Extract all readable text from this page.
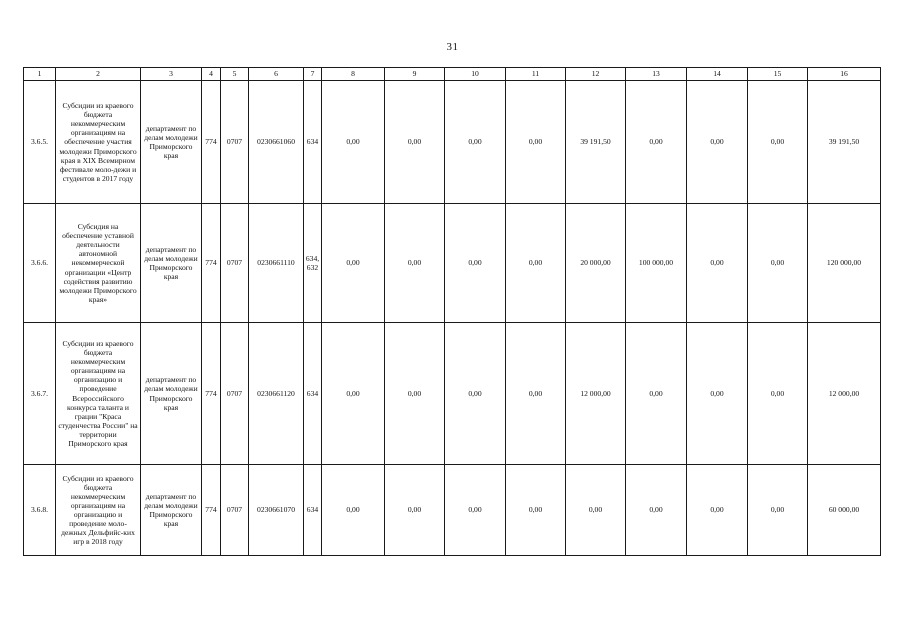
31
1	2	3	4	5	6	7	8	9	10	11	12	13	14	15	16
3.6.5.	Субсидии из краевого бюджета некоммерческим организациям на обеспечение участия молодежи Приморского края в XIX Всемирном фестивале моло-дежи и студентов в 2017 году	департамент по делам молодежи Приморского края	774	0707	0230661060	634	0,00	0,00	0,00	0,00	39 191,50	0,00	0,00	0,00	39 191,50
3.6.6.	Субсидия на обеспечение уставной деятельности автономной некоммерческой организации «Центр содействия развитию молодежи Приморского края»	департамент по делам молодежи Приморского края	774	0707	0230661110	634, 632	0,00	0,00	0,00	0,00	20 000,00	100 000,00	0,00	0,00	120 000,00
3.6.7.	Субсидии из краевого бюджета некоммерческим организациям на организацию и проведение Всероссийского конкурса таланта и грации "Краса студенчества России" на территории Приморского края	департамент по делам молодежи Приморского края	774	0707	0230661120	634	0,00	0,00	0,00	0,00	12 000,00	0,00	0,00	0,00	12 000,00
3.6.8.	Субсидии из краевого бюджета некоммерческим организациям на организацию и проведение моло-дежных Дельфийс-ких игр в 2018 году	департамент по делам молодежи Приморского края	774	0707	0230661070	634	0,00	0,00	0,00	0,00	0,00	0,00	0,00	0,00	60 000,00
